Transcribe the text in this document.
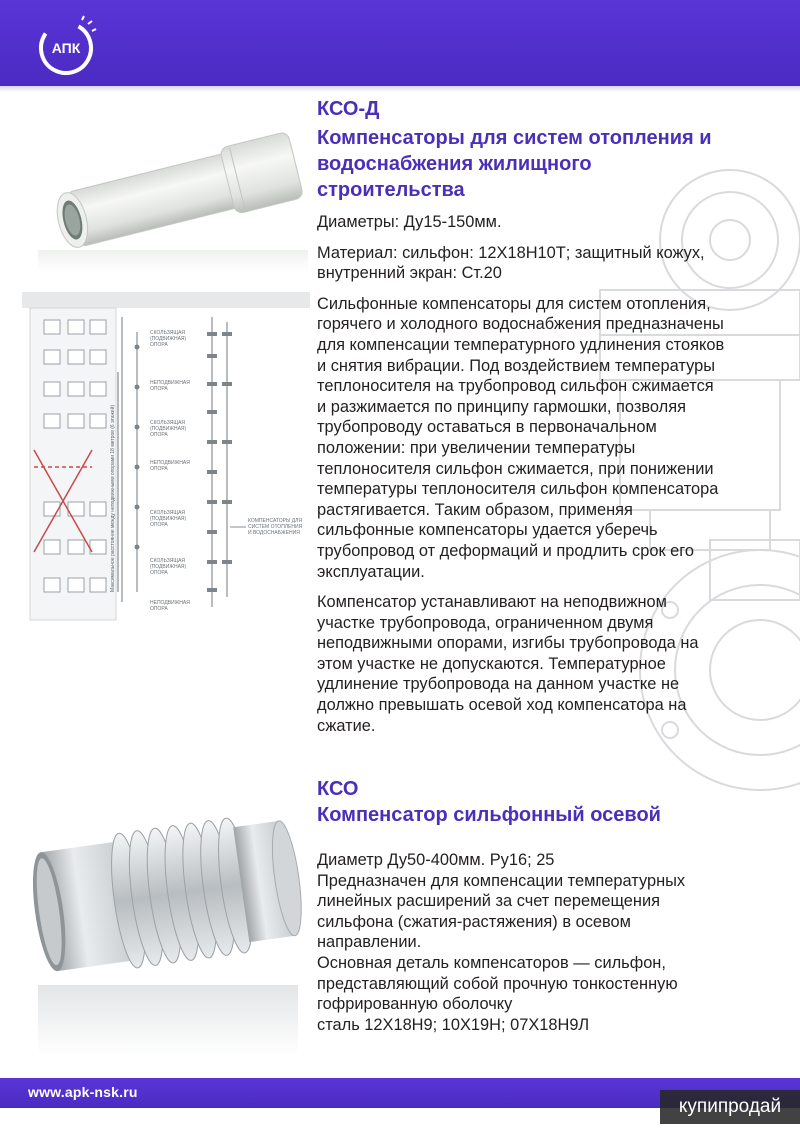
АПК
Максимальное расстояние между неподвижными опорами 18 метров (6 этажей)
СКОЛЬЗЯЩАЯ
(ПОДВИЖНАЯ)
ОПОРА
НЕПОДВИЖНАЯ
ОПОРА
СКОЛЬЗЯЩАЯ
(ПОДВИЖНАЯ)
ОПОРА
НЕПОДВИЖНАЯ
ОПОРА
СКОЛЬЗЯЩАЯ
(ПОДВИЖНАЯ)
ОПОРА
СКОЛЬЗЯЩАЯ
(ПОДВИЖНАЯ)
ОПОРА
НЕПОДВИЖНАЯ
ОПОРА
КОМПЕНСАТОРЫ ДЛЯ
СИСТЕМ ОТОПЛЕНИЯ
И ВОДОСНАБЖЕНИЯ
КСО-Д
Компенсаторы для систем отопления и
водоснабжения жилищного
строительства
Диаметры: Ду15-150мм.
Материал: сильфон: 12Х18Н10Т; защитный кожух,
внутренний экран: Ст.20
Сильфонные компенсаторы для систем отопления,
горячего и холодного водоснабжения предназначены
для компенсации температурного удлинения стояков
и снятия вибрации. Под воздействием температуры
теплоносителя на трубопровод сильфон сжимается
и разжимается по принципу гармошки, позволяя
трубопроводу оставаться в первоначальном
положении: при увеличении температуры
теплоносителя сильфон сжимается, при понижении
температуры теплоносителя сильфон компенсатора
растягивается. Таким образом, применяя
сильфонные компенсаторы удается уберечь
трубопровод от деформаций и продлить срок его
эксплуатации.
Компенсатор устанавливают на неподвижном
участке трубопровода, ограниченном двумя
неподвижными опорами, изгибы трубопровода на
этом участке не допускаются. Температурное
удлинение трубопровода на данном участке не
должно превышать осевой ход компенсатора на
сжатие.
КСО
Компенсатор сильфонный осевой
Диаметр Ду50-400мм. Ру16; 25
Предназначен для компенсации температурных
линейных расширений за счет перемещения
сильфона (сжатия-растяжения) в осевом
направлении.
Основная деталь компенсаторов — сильфон,
представляющий собой прочную тонкостенную
гофрированную оболочку
сталь 12Х18Н9; 10Х19Н; 07Х18Н9Л
www.apk-nsk.ru
купипродай
